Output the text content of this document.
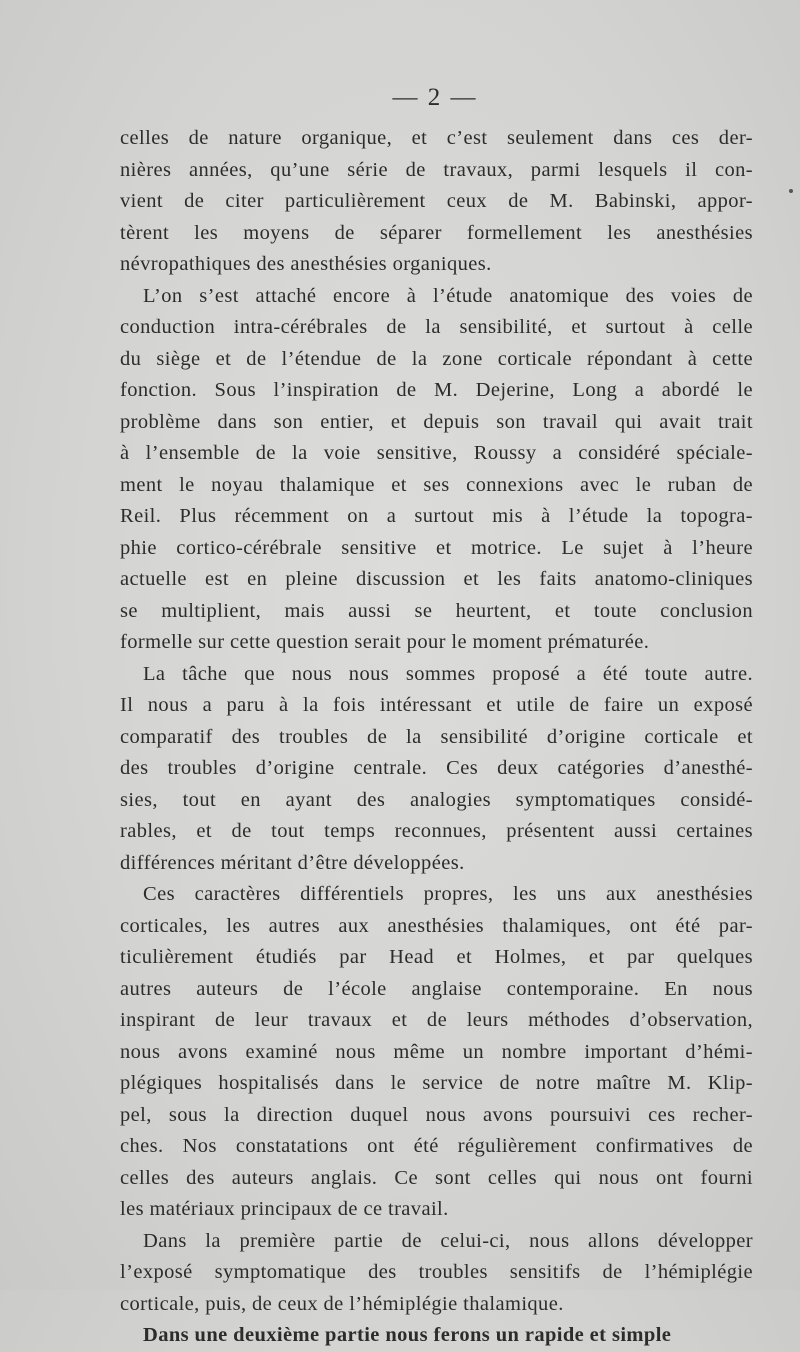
— 2 —
celles de nature organique, et c’est seulement dans ces der-
nières années, qu’une série de travaux, parmi lesquels il con-
vient de citer particulièrement ceux de M. Babinski, appor-
tèrent les moyens de séparer formellement les anesthésies
névropathiques des anesthésies organiques.
L’on s’est attaché encore à l’étude anatomique des voies de
conduction intra-cérébrales de la sensibilité, et surtout à celle
du siège et de l’étendue de la zone corticale répondant à cette
fonction. Sous l’inspiration de M. Dejerine, Long a abordé le
problème dans son entier, et depuis son travail qui avait trait
à l’ensemble de la voie sensitive, Roussy a considéré spéciale-
ment le noyau thalamique et ses connexions avec le ruban de
Reil. Plus récemment on a surtout mis à l’étude la topogra-
phie cortico-cérébrale sensitive et motrice. Le sujet à l’heure
actuelle est en pleine discussion et les faits anatomo-cliniques
se multiplient, mais aussi se heurtent, et toute conclusion
formelle sur cette question serait pour le moment prématurée.
La tâche que nous nous sommes proposé a été toute autre.
Il nous a paru à la fois intéressant et utile de faire un exposé
comparatif des troubles de la sensibilité d’origine corticale et
des troubles d’origine centrale. Ces deux catégories d’anesthé-
sies, tout en ayant des analogies symptomatiques considé-
rables, et de tout temps reconnues, présentent aussi certaines
différences méritant d’être développées.
Ces caractères différentiels propres, les uns aux anesthésies
corticales, les autres aux anesthésies thalamiques, ont été par-
ticulièrement étudiés par Head et Holmes, et par quelques
autres auteurs de l’école anglaise contemporaine. En nous
inspirant de leur travaux et de leurs méthodes d’observation,
nous avons examiné nous même un nombre important d’hémi-
plégiques hospitalisés dans le service de notre maître M. Klip-
pel, sous la direction duquel nous avons poursuivi ces recher-
ches. Nos constatations ont été régulièrement confirmatives de
celles des auteurs anglais. Ce sont celles qui nous ont fourni
les matériaux principaux de ce travail.
Dans la première partie de celui-ci, nous allons développer
l’exposé symptomatique des troubles sensitifs de l’hémiplégie
corticale, puis, de ceux de l’hémiplégie thalamique.
Dans une deuxième partie nous ferons un rapide et simple
